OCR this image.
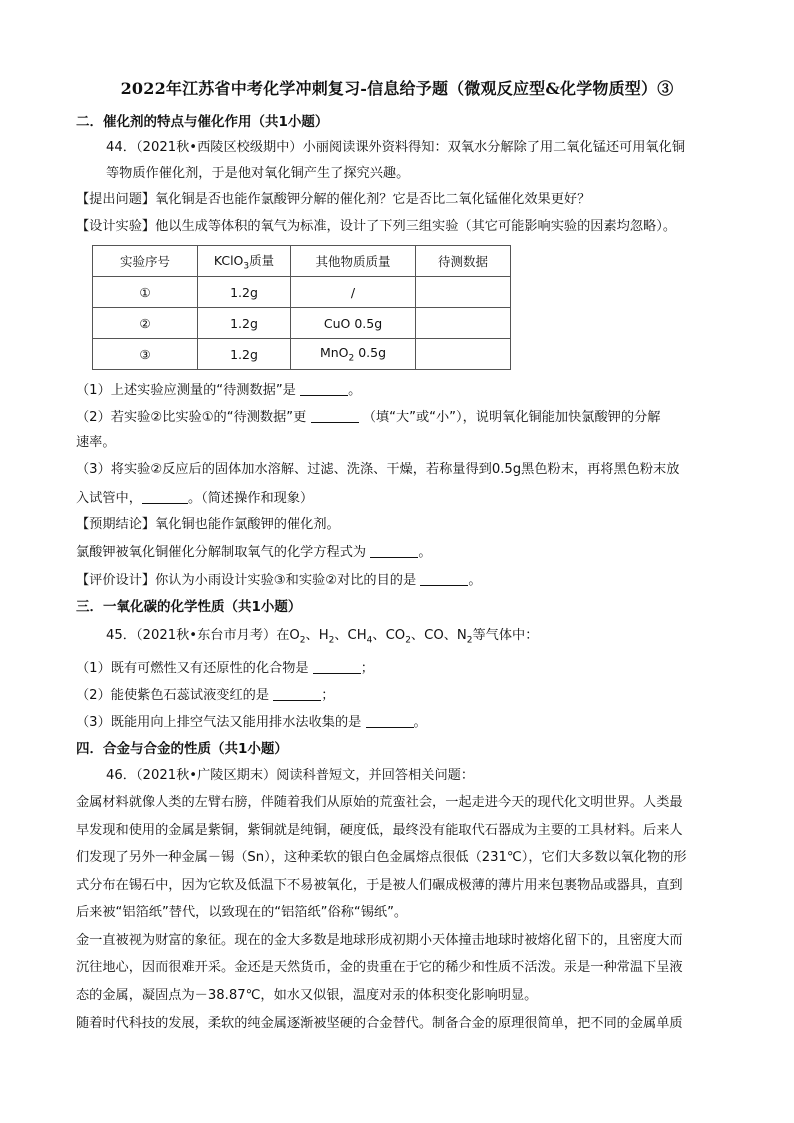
2022年江苏省中考化学冲刺复习-信息给予题（微观反应型&化学物质型）③
二．催化剂的特点与催化作用（共1小题）
44．（2021秋•西陵区校级期中）小丽阅读课外资料得知：双氧水分解除了用二氧化锰还可用氧化铜
等物质作催化剂，于是他对氧化铜产生了探究兴趣。
【提出问题】氧化铜是否也能作氯酸钾分解的催化剂？它是否比二氧化锰催化效果更好？
【设计实验】他以生成等体积的氧气为标准，设计了下列三组实验（其它可能影响实验的因素均忽略）。
实验序号	KClO$_3$质量	其他物质质量	待测数据
①	1.2g	/	
②	1.2g	CuO 0.5g	
③	1.2g	MnO$_2$ 0.5g	
（1）上述实验应测量的“待测数据”是	。
（2）若实验②比实验①的“待测数据”更	（填“大”或“小”），说明氧化铜能加快氯酸钾的分解
速率。
（3）将实验②反应后的固体加水溶解、过滤、洗涤、干燥，若称量得到0.5g黑色粉末，再将黑色粉末放
入试管中，	。（简述操作和现象）
【预期结论】氧化铜也能作氯酸钾的催化剂。
氯酸钾被氧化铜催化分解制取氧气的化学方程式为	。
【评价设计】你认为小雨设计实验③和实验②对比的目的是	。
三．一氧化碳的化学性质（共1小题）
45．（2021秋•东台市月考）在$O_2$、$H_2$、$CH_4$、$CO_2$、CO、$N_2$等气体中：
（1）既有可燃性又有还原性的化合物是	；
（2）能使紫色石蕊试液变红的是	；
（3）既能用向上排空气法又能用排水法收集的是	。
四．合金与合金的性质（共1小题）
46．（2021秋•广陵区期末）阅读科普短文，并回答相关问题：
金属材料就像人类的左臂右膀，伴随着我们从原始的荒蛮社会，一起走进今天的现代化文明世界。人类最
早发现和使用的金属是紫铜，紫铜就是纯铜，硬度低，最终没有能取代石器成为主要的工具材料。后来人
们发现了另外一种金属－锡（Sn），这种柔软的银白色金属熔点很低（231℃），它们大多数以氧化物的形
式分布在锡石中，因为它软及低温下不易被氧化，于是被人们碾成极薄的薄片用来包裹物品或器具，直到
后来被“铝箔纸”替代，以致现在的“铝箔纸”俗称“锡纸”。
金一直被视为财富的象征。现在的金大多数是地球形成初期小天体撞击地球时被熔化留下的，且密度大而
沉往地心，因而很难开采。金还是天然货币，金的贵重在于它的稀少和性质不活泼。汞是一种常温下呈液
态的金属，凝固点为－38.87℃，如水又似银，温度对汞的体积变化影响明显。
随着时代科技的发展，柔软的纯金属逐渐被坚硬的合金替代。制备合金的原理很简单，把不同的金属单质
